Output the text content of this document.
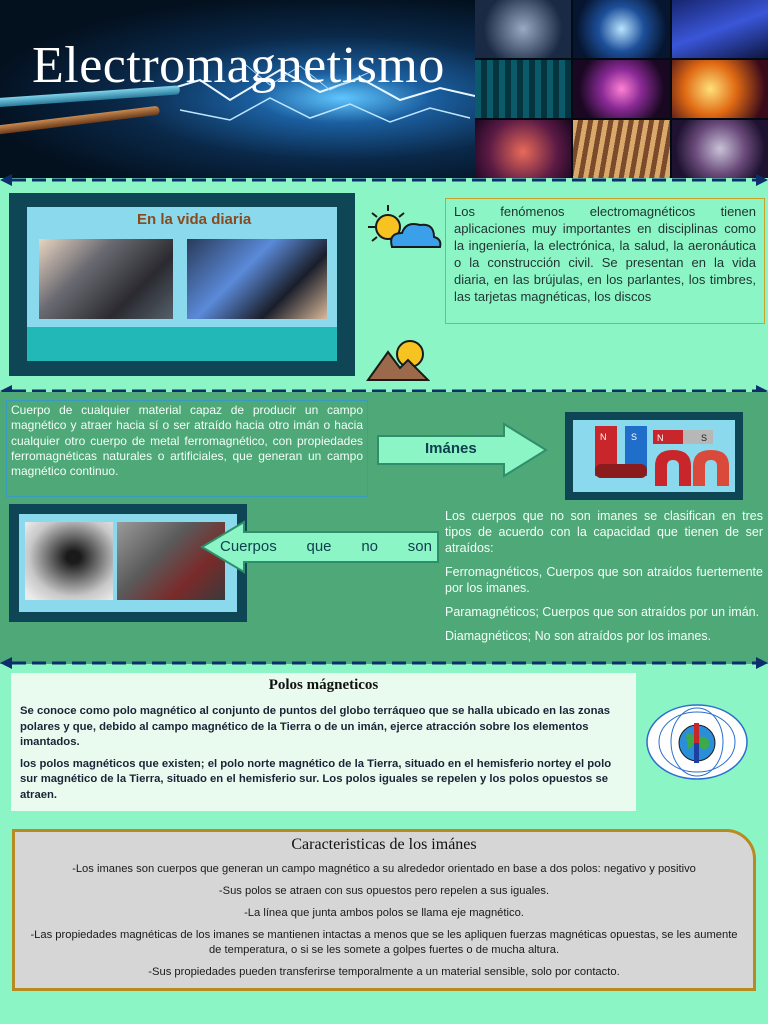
Electromagnetismo
En la vida diaria	Los fenómenos electromagnéticos tienen aplicaciones muy importantes en disciplinas como la ingeniería, la electrónica, la salud, la aeronáutica o la construcción civil. Se presentan en la vida diaria, en las brújulas, en los parlantes, los timbres, las tarjetas magnéticas, los discos
Cuerpo de cualquier material capaz de producir un campo magnético y atraer hacia sí o ser atraído hacia otro imán o hacia cualquier otro cuerpo de metal ferromagnético, con propiedades ferromagnéticas naturales o artificiales, que generan un campo magnético continuo.
Imánes
N	S N	S
Cuerpos que no son

Los cuerpos que no son imanes se clasifican en tres tipos de acuerdo con la capacidad que tienen de ser atraídos:

Ferromagnéticos, Cuerpos que son atraídos fuertemente por los imanes.

Paramagnéticos; Cuerpos que son atraídos por un imán.

Diamagnéticos; No son atraídos por los imanes.

Polos mágneticos

Se conoce como polo magnético al conjunto de puntos del globo terráqueo que se halla ubicado en las zonas polares y que, debido al campo magnético de la Tierra o de un imán, ejerce atracción sobre los elementos imantados.

los polos magnéticos que existen; el polo norte magnético de la Tierra, situado en el hemisferio nortey el polo sur magnético de la Tierra, situado en el hemisferio sur. Los polos iguales se repelen y los polos opuestos se atraen.

Caracteristicas de los imánes

-Los imanes son cuerpos que generan un campo magnético a su alrededor orientado en base a dos polos: negativo y positivo

-Sus polos se atraen con sus opuestos pero repelen a sus iguales.

-La línea que junta ambos polos se llama eje magnético.

-Las propiedades magnéticas de los imanes se mantienen intactas a menos que se les apliquen fuerzas magnéticas opuestas, se les aumente de temperatura, o si se les somete a golpes fuertes o de mucha altura.

-Sus propiedades pueden transferirse temporalmente a un material sensible, solo por contacto.
